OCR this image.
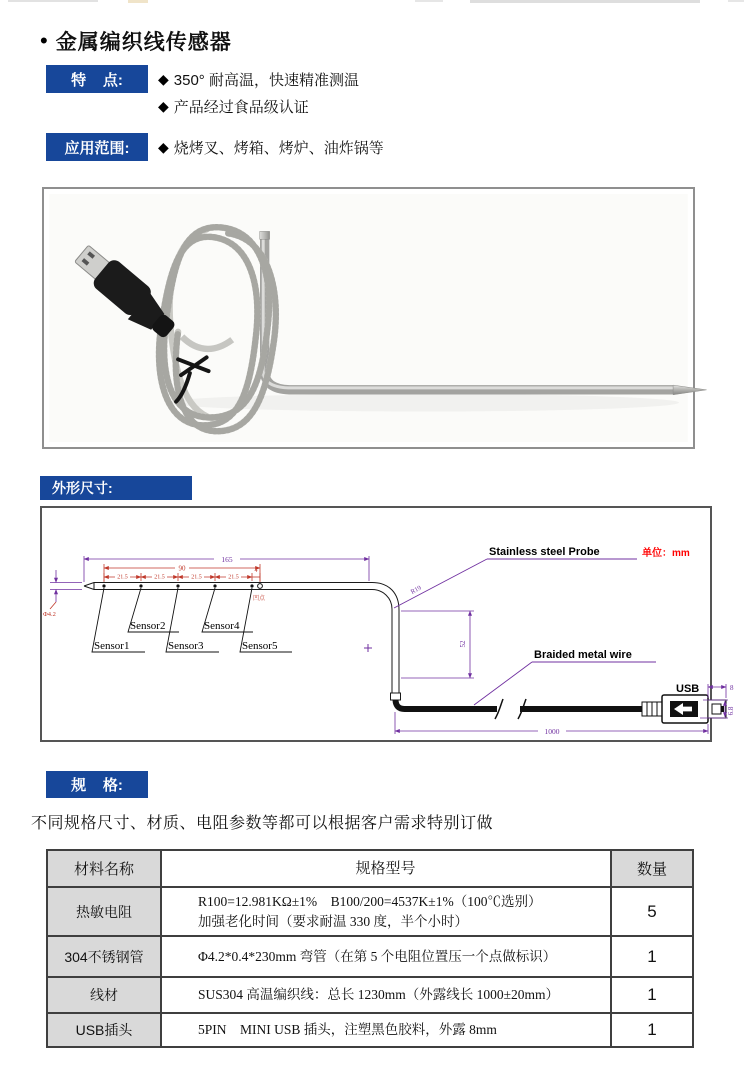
• 金属编织线传感器
特    点:	◆ 350° 耐高温，快速精准测温
◆ 产品经过食品级认证
应用范围: ◆ 烧烤叉、烤箱、烤炉、油炸锅等
外形尺寸:
USB
165
90
21.5	21.5	21.5	21.5
4
凹点
Sensor1
Sensor2
Sensor3
Sensor4
Sensor5
Φ4.2
52
1000
8
6.8
Stainless steel Probe
R19
Braided metal wire
单位：mm
规    格:
不同规格尺寸、材质、电阻参数等都可以根据客户需求特别订做
材料名称	规格型号	数量
热敏电阻	R100=12.981KΩ±1%　B100/200=4537K±1%（100℃选别）
加强老化时间（要求耐温 330 度，半个小时）	5
304不锈钢管	Φ4.2*0.4*230mm 弯管（在第 5 个电阻位置压一个点做标识）	1
线材	SUS304 高温编织线：总长 1230mm（外露线长 1000±20mm）	1
USB插头	5PIN　MINI USB 插头，注塑黑色胶料，外露 8mm	1
